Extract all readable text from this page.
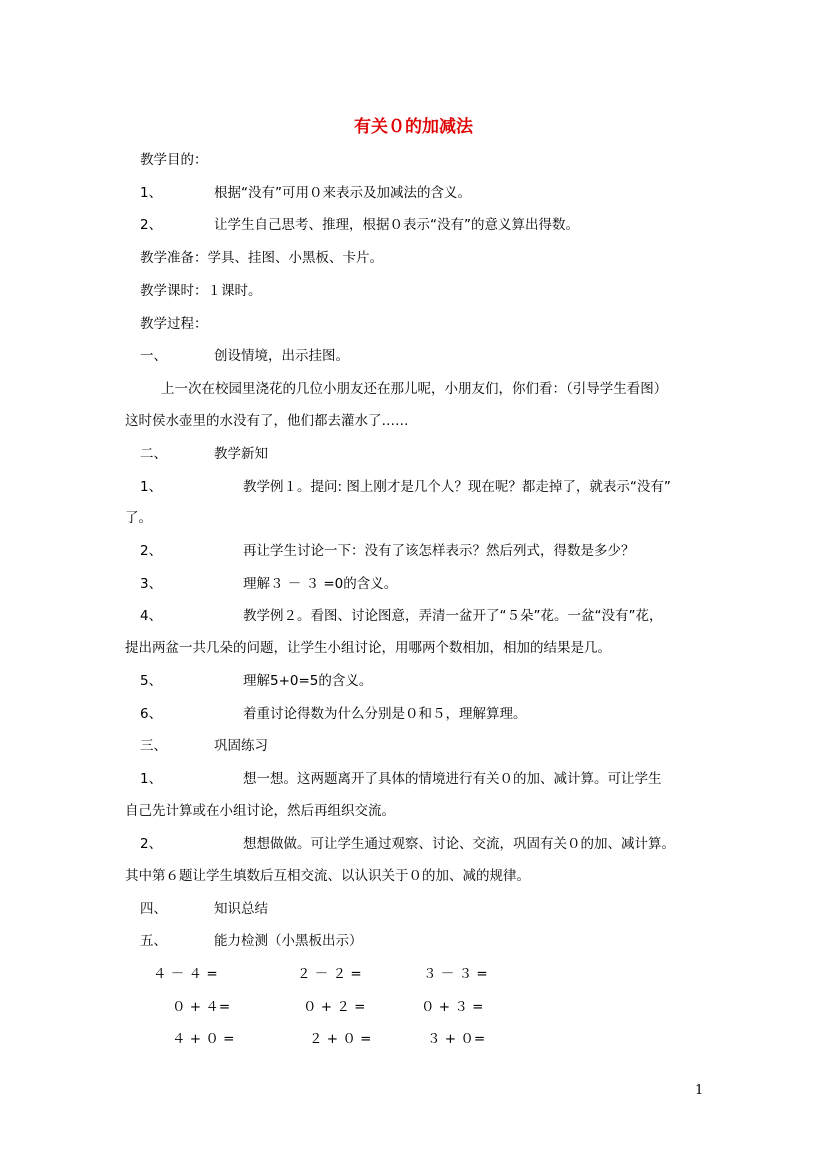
有关０的加减法
教学目的：
1、	根据“没有”可用０来表示及加减法的含义。
2、	让学生自己思考、推理，根据０表示“没有”的意义算出得数。
教学准备：学具、挂图、小黑板、卡片。
教学课时：１课时。
教学过程：
一、	创设情境，出示挂图。
上一次在校园里浇花的几位小朋友还在那儿呢，小朋友们，你们看：（引导学生看图）
这时侯水壶里的水没有了，他们都去灌水了……
二、	教学新知
1、	教学例１。提问: 图上刚才是几个人？现在呢？都走掉了，就表示“没有”
了。
2、	再让学生讨论一下：没有了该怎样表示？然后列式，得数是多少？
3、	理解３ － ３ =0的含义。
4、	教学例２。看图、讨论图意，弄清一盆开了“５朵”花。一盆“没有”花，
提出两盆一共几朵的问题，让学生小组讨论，用哪两个数相加，相加的结果是几。
5、	理解5+0=5的含义。
6、	着重讨论得数为什么分别是０和５，理解算理。
三、	巩固练习
1、	想一想。这两题离开了具体的情境进行有关０的加、减计算。可让学生
自己先计算或在小组讨论，然后再组织交流。
2、	想想做做。可让学生通过观察、讨论、交流，巩固有关０的加、减计算。
其中第６题让学生填数后互相交流、以认识关于０的加、减的规律。
四、	知识总结
五、	能力检测（小黑板出示）
４ － ４ =	２ － ２ =	３ － ３ =
０ + ４=	０ + ２ =	０ + ３ =
４ + ０ =	２ + ０ =	３ + ０=
1
